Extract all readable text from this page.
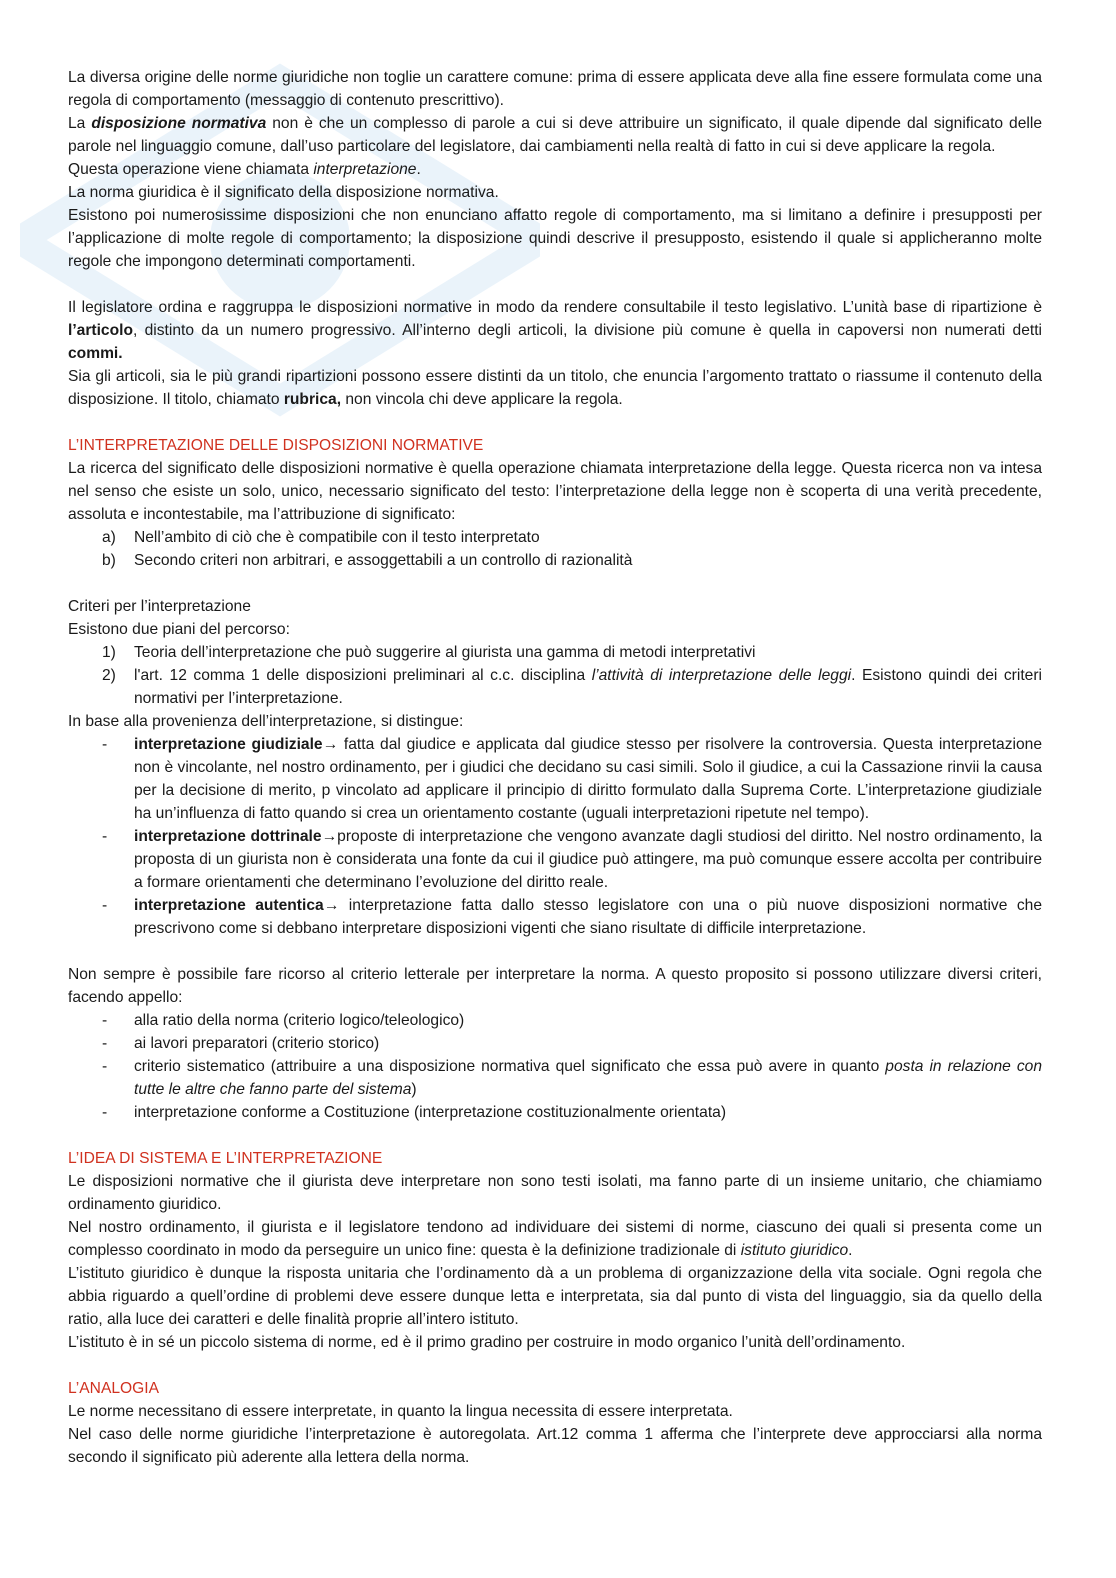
La diversa origine delle norme giuridiche non toglie un carattere comune: prima di essere applicata deve alla fine essere formulata come una regola di comportamento (messaggio di contenuto prescrittivo).

La disposizione normativa non è che un complesso di parole a cui si deve attribuire un significato, il quale dipende dal significato delle parole nel linguaggio comune, dall’uso particolare del legislatore, dai cambiamenti nella realtà di fatto in cui si deve applicare la regola.

Questa operazione viene chiamata interpretazione.

La norma giuridica è il significato della disposizione normativa.

Esistono poi numerosissime disposizioni che non enunciano affatto regole di comportamento, ma si limitano a definire i presupposti per l’applicazione di molte regole di comportamento; la disposizione quindi descrive il presupposto, esistendo il quale si applicheranno molte regole che impongono determinati comportamenti.

Il legislatore ordina e raggruppa le disposizioni normative in modo da rendere consultabile il testo legislativo. L’unità base di ripartizione è l’articolo, distinto da un numero progressivo. All’interno degli articoli, la divisione più comune è quella in capoversi non numerati detti commi.

Sia gli articoli, sia le più grandi ripartizioni possono essere distinti da un titolo, che enuncia l’argomento trattato o riassume il contenuto della disposizione. Il titolo, chiamato rubrica, non vincola chi deve applicare la regola.

L’INTERPRETAZIONE DELLE DISPOSIZIONI NORMATIVE

La ricerca del significato delle disposizioni normative è quella operazione chiamata interpretazione della legge. Questa ricerca non va intesa nel senso che esiste un solo, unico, necessario significato del testo: l’interpretazione della legge non è scoperta di una verità precedente, assoluta e incontestabile, ma l’attribuzione di significato:

a) Nell’ambito di ciò che è compatibile con il testo interpretato
b) Secondo criteri non arbitrari, e assoggettabili a un controllo di razionalità

Criteri per l’interpretazione

Esistono due piani del percorso:

1) Teoria dell’interpretazione che può suggerire al giurista una gamma di metodi interpretativi
2) l'art. 12 comma 1 delle disposizioni preliminari al c.c. disciplina l’attività di interpretazione delle leggi. Esistono quindi dei criteri normativi per l’interpretazione.

In base alla provenienza dell’interpretazione, si distingue:

- interpretazione giudiziale→ fatta dal giudice e applicata dal giudice stesso per risolvere la controversia. Questa interpretazione non è vincolante, nel nostro ordinamento, per i giudici che decidano su casi simili. Solo il giudice, a cui la Cassazione rinvii la causa per la decisione di merito, p vincolato ad applicare il principio di diritto formulato dalla Suprema Corte. L’interpretazione giudiziale ha un’influenza di fatto quando si crea un orientamento costante (uguali interpretazioni ripetute nel tempo).
- interpretazione dottrinale→proposte di interpretazione che vengono avanzate dagli studiosi del diritto. Nel nostro ordinamento, la proposta di un giurista non è considerata una fonte da cui il giudice può attingere, ma può comunque essere accolta per contribuire a formare orientamenti che determinano l’evoluzione del diritto reale.
- interpretazione autentica→ interpretazione fatta dallo stesso legislatore con una o più nuove disposizioni normative che prescrivono come si debbano interpretare disposizioni vigenti che siano risultate di difficile interpretazione.

Non sempre è possibile fare ricorso al criterio letterale per interpretare la norma. A questo proposito si possono utilizzare diversi criteri, facendo appello:

- alla ratio della norma (criterio logico/teleologico)
- ai lavori preparatori (criterio storico)
- criterio sistematico (attribuire a una disposizione normativa quel significato che essa può avere in quanto posta in relazione con tutte le altre che fanno parte del sistema)
- interpretazione conforme a Costituzione (interpretazione costituzionalmente orientata)

L’IDEA DI SISTEMA E L’INTERPRETAZIONE

Le disposizioni normative che il giurista deve interpretare non sono testi isolati, ma fanno parte di un insieme unitario, che chiamiamo ordinamento giuridico.

Nel nostro ordinamento, il giurista e il legislatore tendono ad individuare dei sistemi di norme, ciascuno dei quali si presenta come un complesso coordinato in modo da perseguire un unico fine: questa è la definizione tradizionale di istituto giuridico.

L’istituto giuridico è dunque la risposta unitaria che l’ordinamento dà a un problema di organizzazione della vita sociale. Ogni regola che abbia riguardo a quell’ordine di problemi deve essere dunque letta e interpretata, sia dal punto di vista del linguaggio, sia da quello della ratio, alla luce dei caratteri e delle finalità proprie all’intero istituto.

L’istituto è in sé un piccolo sistema di norme, ed è il primo gradino per costruire in modo organico l’unità dell’ordinamento.

L’ANALOGIA

Le norme necessitano di essere interpretate, in quanto la lingua necessita di essere interpretata.

Nel caso delle norme giuridiche l’interpretazione è autoregolata. Art.12 comma 1 afferma che l’interprete deve approcciarsi alla norma secondo il significato più aderente alla lettera della norma.
